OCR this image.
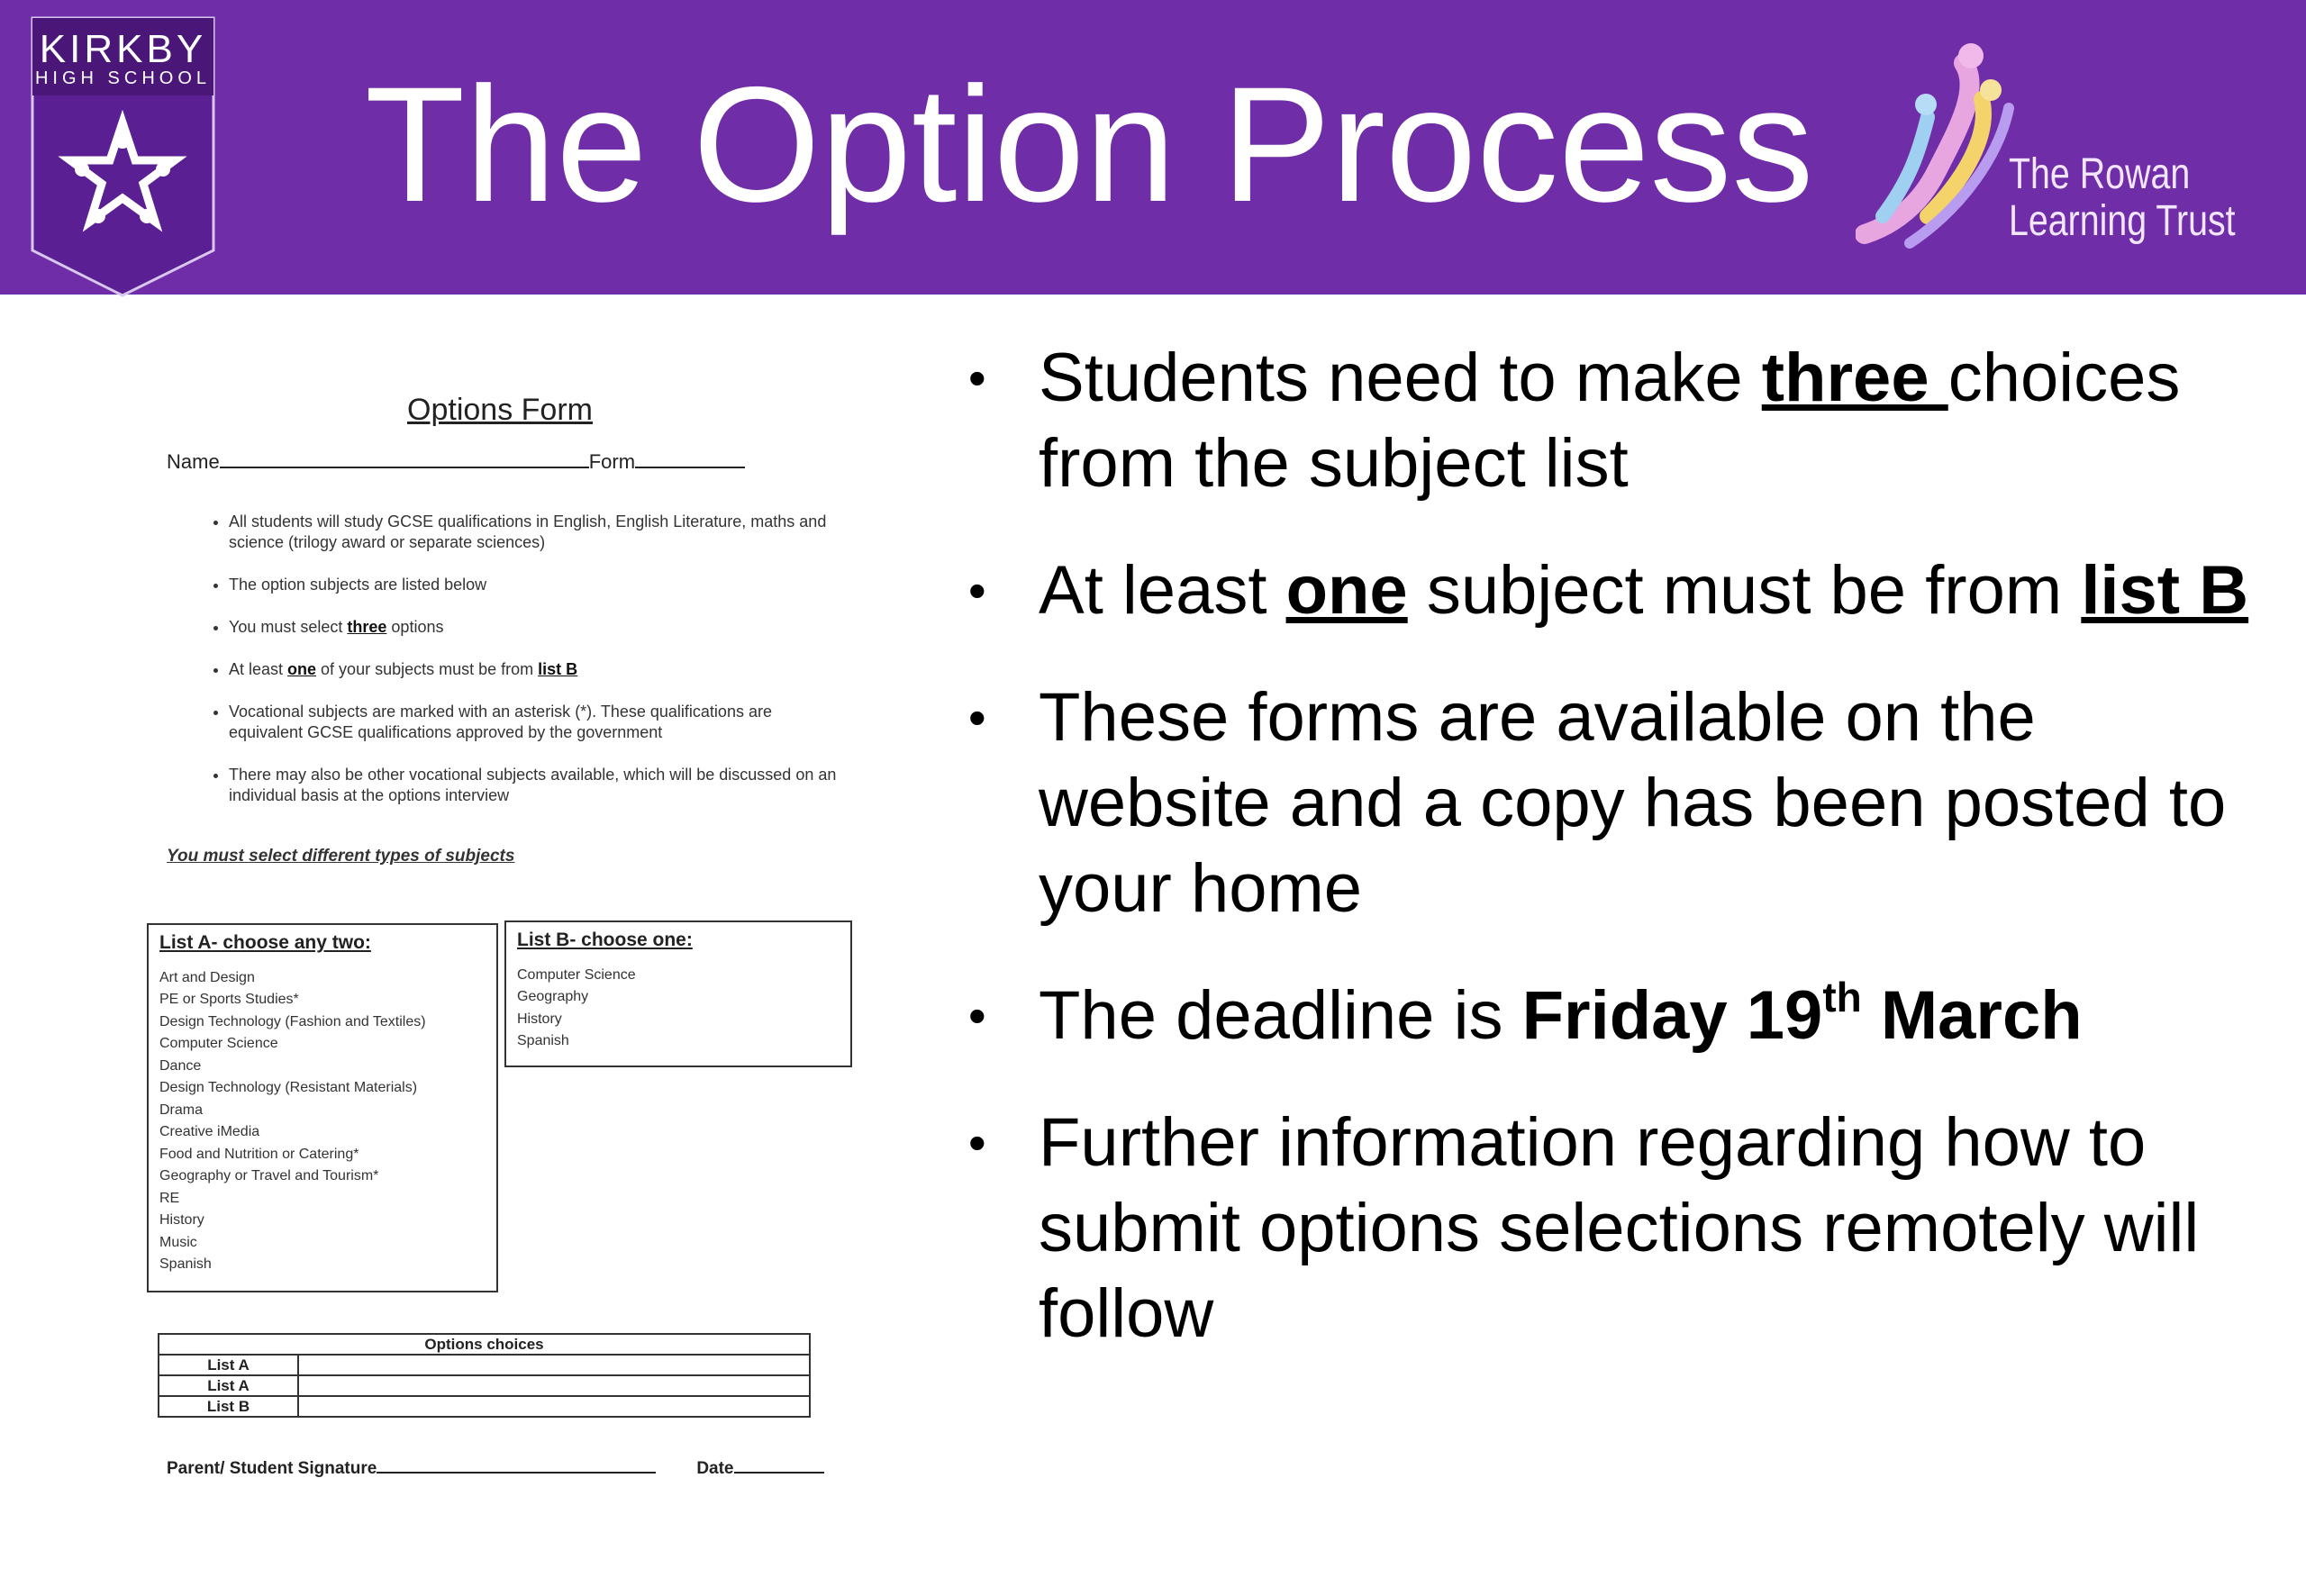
KIRKBY
HIGH SCHOOL The Option Process	The Rowan
Learning Trust
Options Form
Name	Form
• All students will study GCSE qualifications in English, English Literature, maths and science (trilogy award or separate sciences)
• The option subjects are listed below
• You must select three options
• At least one of your subjects must be from list B
• Vocational subjects are marked with an asterisk (*). These qualifications are equivalent GCSE qualifications approved by the government
• There may also be other vocational subjects available, which will be discussed on an individual basis at the options interview
You must select different types of subjects
List A- choose any two:
Art and Design
PE or Sports Studies*
Design Technology (Fashion and Textiles)
Computer Science
Dance
Design Technology (Resistant Materials)
Drama
Creative iMedia
Food and Nutrition or Catering*
Geography or Travel and Tourism*
RE
History
Music
Spanish
List B- choose one:
Computer Science
Geography
History
Spanish
Options choices	
List A	
List A	
List B	
Parent/ Student Signature	Date
• Students need to make three choices from the subject list
• At least one subject must be from list B
• These forms are available on the website and a copy has been posted to your home
• The deadline is Friday 19th March
• Further information regarding how to submit options selections remotely will follow
